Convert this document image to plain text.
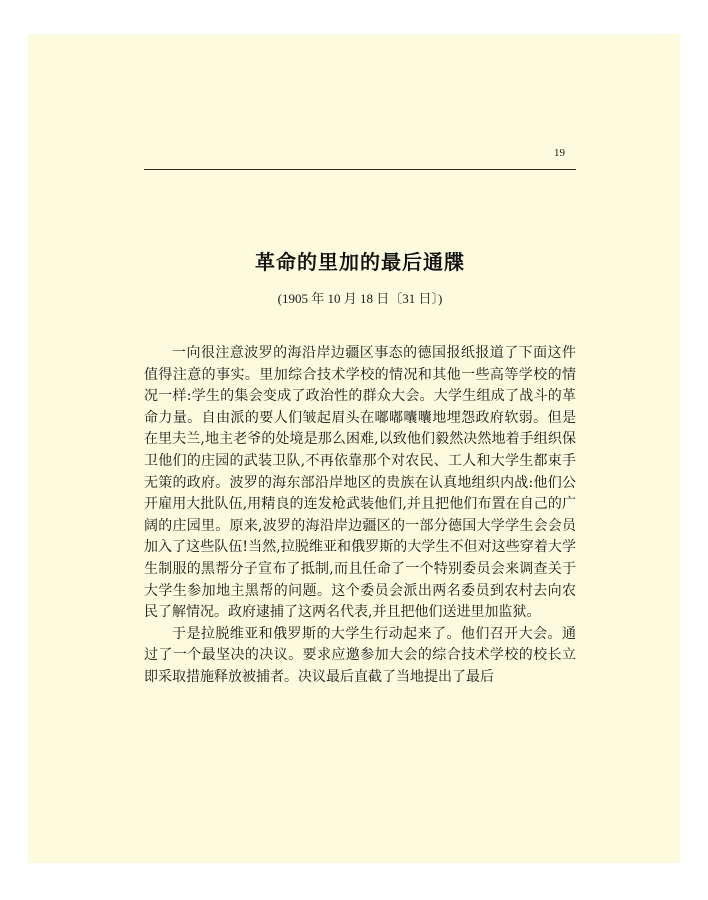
19
革命的里加的最后通牒
(1905 年 10 月 18 日〔31 日〕)

一向很注意波罗的海沿岸边疆区事态的德国报纸报道了下面这件值得注意的事实。里加综合技术学校的情况和其他一些高等学校的情况一样:学生的集会变成了政治性的群众大会。大学生组成了战斗的革命力量。自由派的要人们皱起眉头在嘟嘟囔囔地埋怨政府软弱。但是在里夫兰,地主老爷的处境是那么困难,以致他们毅然决然地着手组织保卫他们的庄园的武装卫队,不再依靠那个对农民、工人和大学生都束手无策的政府。波罗的海东部沿岸地区的贵族在认真地组织内战:他们公开雇用大批队伍,用精良的连发枪武装他们,并且把他们布置在自己的广阔的庄园里。原来,波罗的海沿岸边疆区的一部分德国大学学生会会员加入了这些队伍!当然,拉脱维亚和俄罗斯的大学生不但对这些穿着大学生制服的黑帮分子宣布了抵制,而且任命了一个特别委员会来调查关于大学生参加地主黑帮的问题。这个委员会派出两名委员到农村去向农民了解情况。政府逮捕了这两名代表,并且把他们送进里加监狱。

于是拉脱维亚和俄罗斯的大学生行动起来了。他们召开大会。通过了一个最坚决的决议。要求应邀参加大会的综合技术学校的校长立即采取措施释放被捕者。决议最后直截了当地提出了最后
